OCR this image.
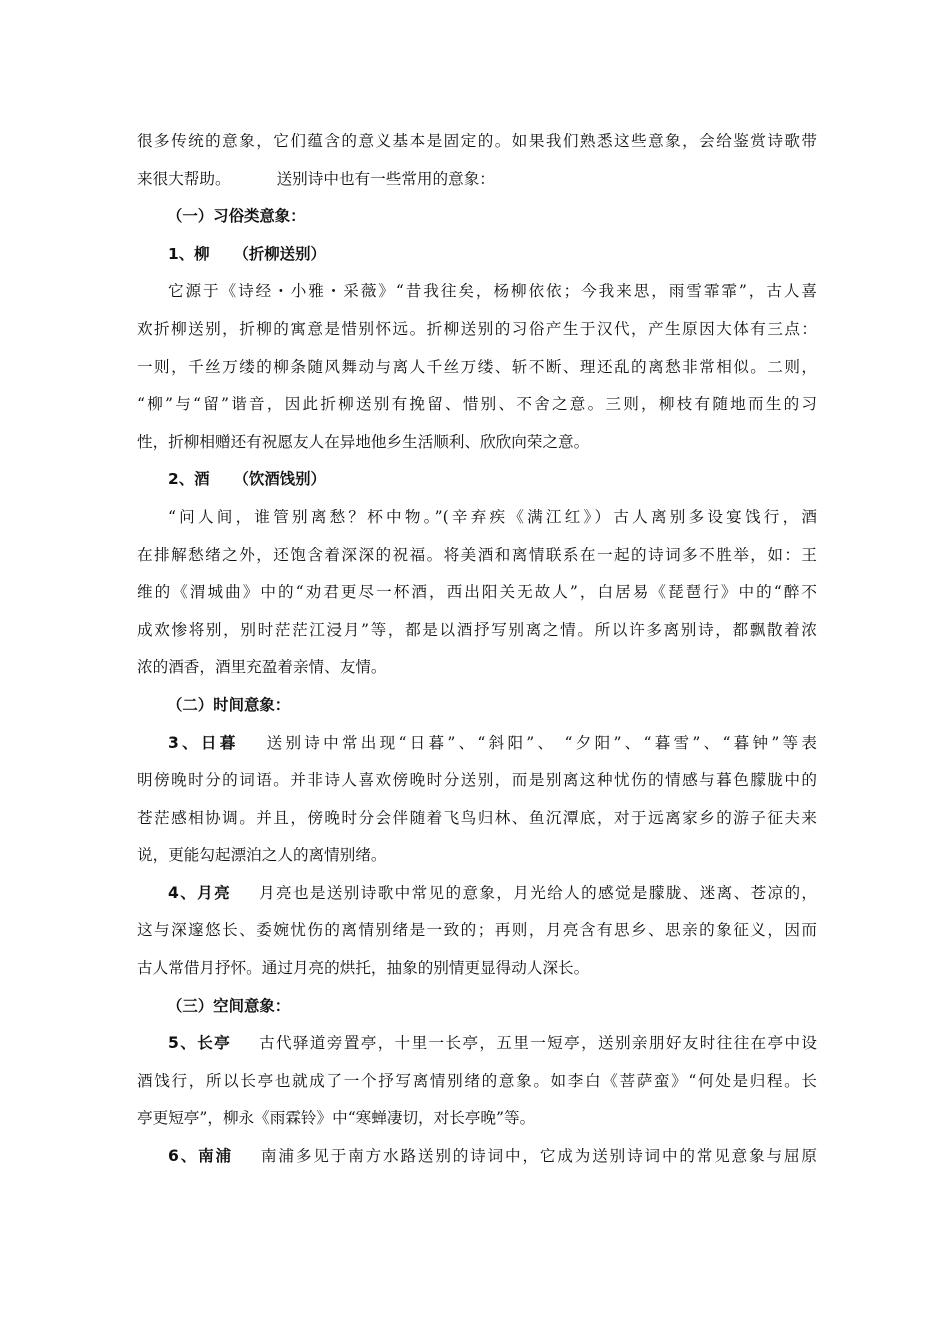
很多传统的意象，它们蕴含的意义基本是固定的。如果我们熟悉这些意象，会给鉴赏诗歌带
来很大帮助。	送别诗中也有一些常用的意象：
（一）习俗类意象：
1、柳 （折柳送别）
它源于《诗经・小雅・采薇》“昔我往矣，杨柳依依；今我来思，雨雪霏霏”，古人喜
欢折柳送别，折柳的寓意是惜别怀远。折柳送别的习俗产生于汉代，产生原因大体有三点：
一则，千丝万缕的柳条随风舞动与离人千丝万缕、斩不断、理还乱的离愁非常相似。二则，
“柳”与“留”谐音，因此折柳送别有挽留、惜别、不舍之意。三则，柳枝有随地而生的习
性，折柳相赠还有祝愿友人在异地他乡生活顺利、欣欣向荣之意。
2、酒 （饮酒饯别）
“问人间，谁管别离愁？杯中物。”(辛弃疾《满江红》）古人离别多设宴饯行，酒
在排解愁绪之外，还饱含着深深的祝福。将美酒和离情联系在一起的诗词多不胜举，如：王
维的《渭城曲》中的“劝君更尽一杯酒，西出阳关无故人”，白居易《琵琶行》中的“醉不
成欢惨将别，别时茫茫江浸月”等，都是以酒抒写别离之情。所以许多离别诗，都飘散着浓
浓的酒香，酒里充盈着亲情、友情。
（二）时间意象：
3、日暮 送别诗中常出现“日暮”、“斜阳”、 “夕阳”、“暮雪”、“暮钟”等表
明傍晚时分的词语。并非诗人喜欢傍晚时分送别，而是别离这种忧伤的情感与暮色朦胧中的
苍茫感相协调。并且，傍晚时分会伴随着飞鸟归林、鱼沉潭底，对于远离家乡的游子征夫来
说，更能勾起漂泊之人的离情别绪。
4、月亮 月亮也是送别诗歌中常见的意象，月光给人的感觉是朦胧、迷离、苍凉的，
这与深邃悠长、委婉忧伤的离情别绪是一致的；再则，月亮含有思乡、思亲的象征义，因而
古人常借月抒怀。通过月亮的烘托，抽象的别情更显得动人深长。
（三）空间意象：
5、长亭 古代驿道旁置亭，十里一长亭，五里一短亭，送别亲朋好友时往往在亭中设
酒饯行，所以长亭也就成了一个抒写离情别绪的意象。如李白《菩萨蛮》“何处是归程。长
亭更短亭”，柳永《雨霖铃》中“寒蝉凄切，对长亭晚”等。
6、南浦 南浦多见于南方水路送别的诗词中，它成为送别诗词中的常见意象与屈原
